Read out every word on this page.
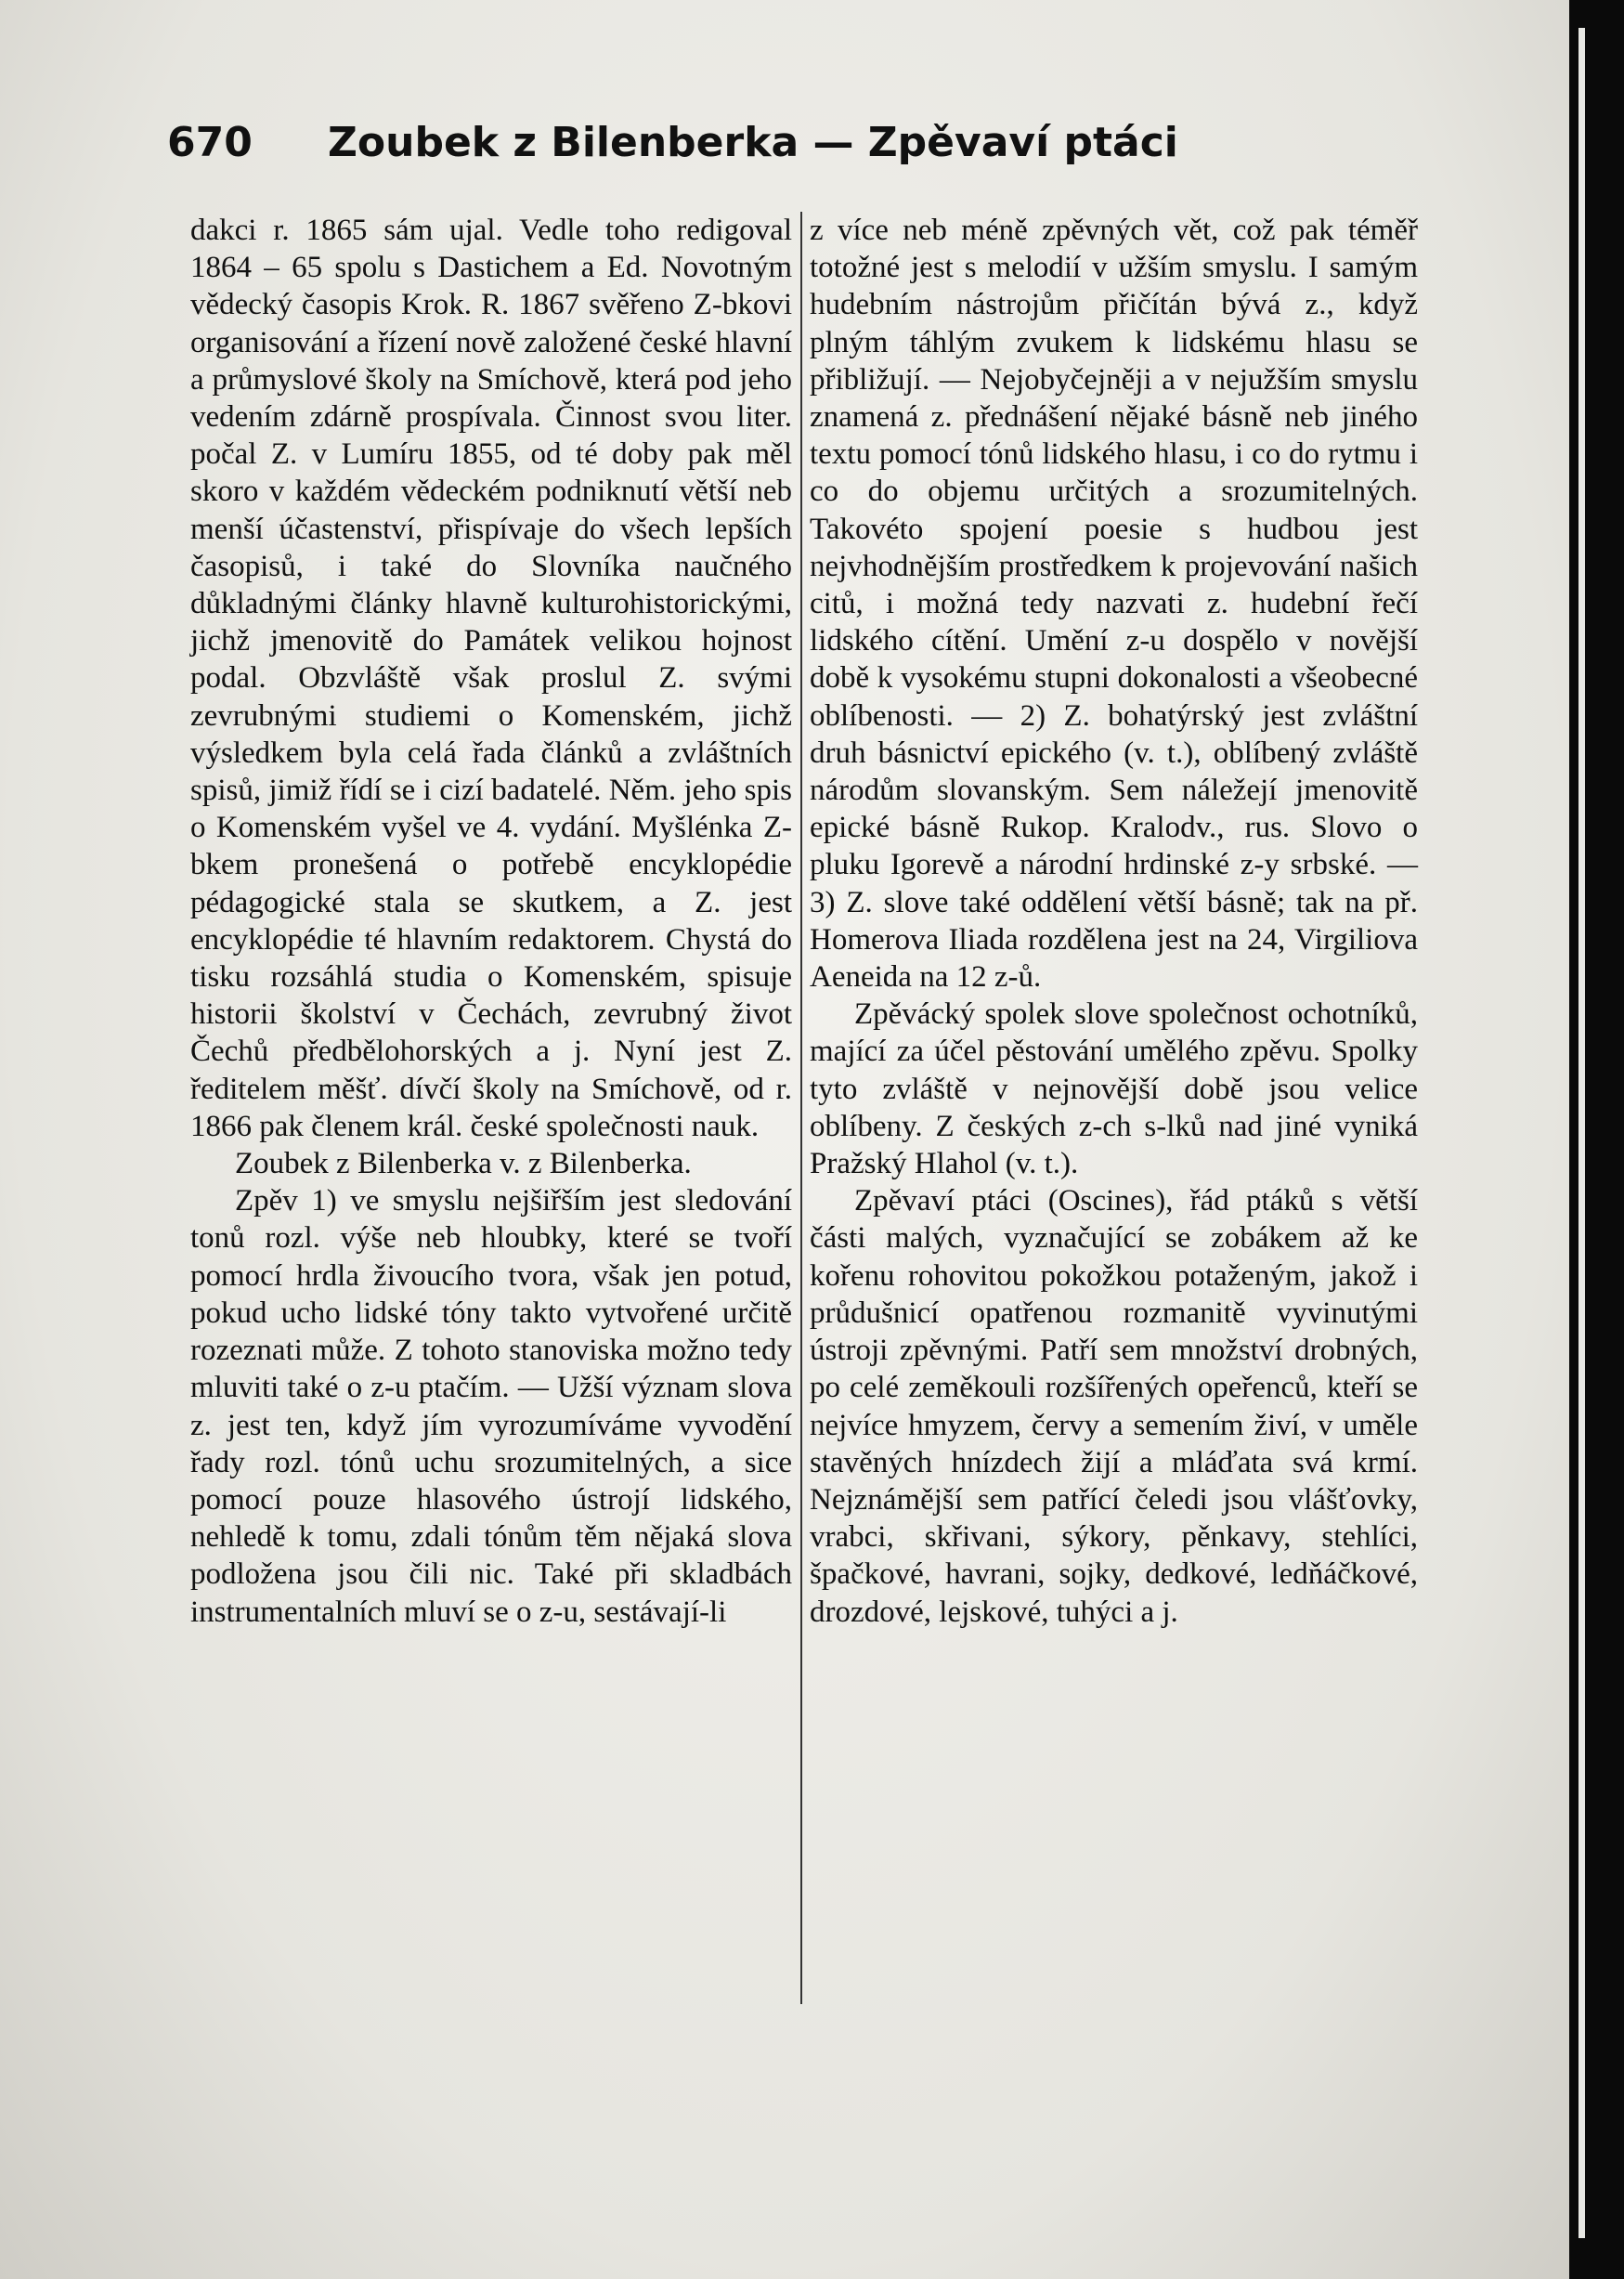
670	Zoubek z Bilenberka — Zpěvaví ptáci

dakci r. 1865 sám ujal. Vedle toho redigoval 1864 – 65 spolu s Dastichem a Ed. Novotným vědecký časopis Krok. R. 1867 svěřeno Z-bkovi organisování a řízení nově založené české hlavní a průmyslové školy na Smíchově, která pod jeho vedením zdárně prospívala. Činnost svou liter. počal Z. v Lumíru 1855, od té doby pak měl skoro v každém vědeckém podniknutí větší neb menší účastenství, přispívaje do všech lepších časopisů, i také do Slovníka naučného důkladnými články hlavně kulturohistorickými, jichž jmenovitě do Památek velikou hojnost podal. Obzvláště však proslul Z. svými zevrubnými studiemi o Komenském, jichž výsledkem byla celá řada článků a zvláštních spisů, jimiž řídí se i cizí badatelé. Něm. jeho spis o Komenském vyšel ve 4. vydání. Myšlénka Z-bkem pronešená o potřebě encyklopédie pédagogické stala se skutkem, a Z. jest encyklopédie té hlavním redaktorem. Chystá do tisku rozsáhlá studia o Komenském, spisuje historii školství v Čechách, zevrubný život Čechů předbělohorských a j. Nyní jest Z. ředitelem měšť. dívčí školy na Smíchově, od r. 1866 pak členem král. české společnosti nauk.

Zoubek z Bilenberka v. z Bilenberka.

Zpěv 1) ve smyslu nejšiřším jest sledování tonů rozl. výše neb hloubky, které se tvoří pomocí hrdla živoucího tvora, však jen potud, pokud ucho lidské tóny takto vytvořené určitě rozeznati může. Z tohoto stanoviska možno tedy mluviti také o z-u ptačím. — Užší význam slova z. jest ten, když jím vyrozumíváme vyvodění řady rozl. tónů uchu srozumitelných, a sice pomocí pouze hlasového ústrojí lidského, nehledě k tomu, zdali tónům těm nějaká slova podložena jsou čili nic. Také při skladbách instrumentalních mluví se o z-u, sestávají-li

z více neb méně zpěvných vět, což pak téměř totožné jest s melodií v užším smyslu. I samým hudebním nástrojům přičítán bývá z., když plným táhlým zvukem k lidskému hlasu se přibližují. — Nejobyčejněji a v nejužším smyslu znamená z. přednášení nějaké básně neb jiného textu pomocí tónů lidského hlasu, i co do rytmu i co do objemu určitých a srozumitelných. Takovéto spojení poesie s hudbou jest nejvhodnějším prostředkem k projevování našich citů, i možná tedy nazvati z. hudební řečí lidského cítění. Umění z-u dospělo v novější době k vysokému stupni dokonalosti a všeobecné oblíbenosti. — 2) Z. bohatýrský jest zvláštní druh básnictví epického (v. t.), oblíbený zvláště národům slovanským. Sem náležejí jmenovitě epické básně Rukop. Kralodv., rus. Slovo o pluku Igorevě a národní hrdinské z-y srbské. — 3) Z. slove také oddělení větší básně; tak na př. Homerova Iliada rozdělena jest na 24, Virgiliova Aeneida na 12 z-ů.

Zpěvácký spolek slove společnost ochotníků, mající za účel pěstování umělého zpěvu. Spolky tyto zvláště v nejnovější době jsou velice oblíbeny. Z českých z-ch s-lků nad jiné vyniká Pražský Hlahol (v. t.).

Zpěvaví ptáci (Oscines), řád ptáků s větší části malých, vyznačující se zobákem až ke kořenu rohovitou pokožkou potaženým, jakož i průdušnicí opatřenou rozmanitě vyvinutými ústroji zpěvnými. Patří sem množství drobných, po celé zeměkouli rozšířených opeřenců, kteří se nejvíce hmyzem, červy a semením živí, v uměle stavěných hnízdech žijí a mláďata svá krmí. Nejznámější sem patřící čeledi jsou vlášťovky, vrabci, skřivani, sýkory, pěnkavy, stehlíci, špačkové, havrani, sojky, dedkové, ledňáčkové, drozdové, lejskové, tuhýci a j.
